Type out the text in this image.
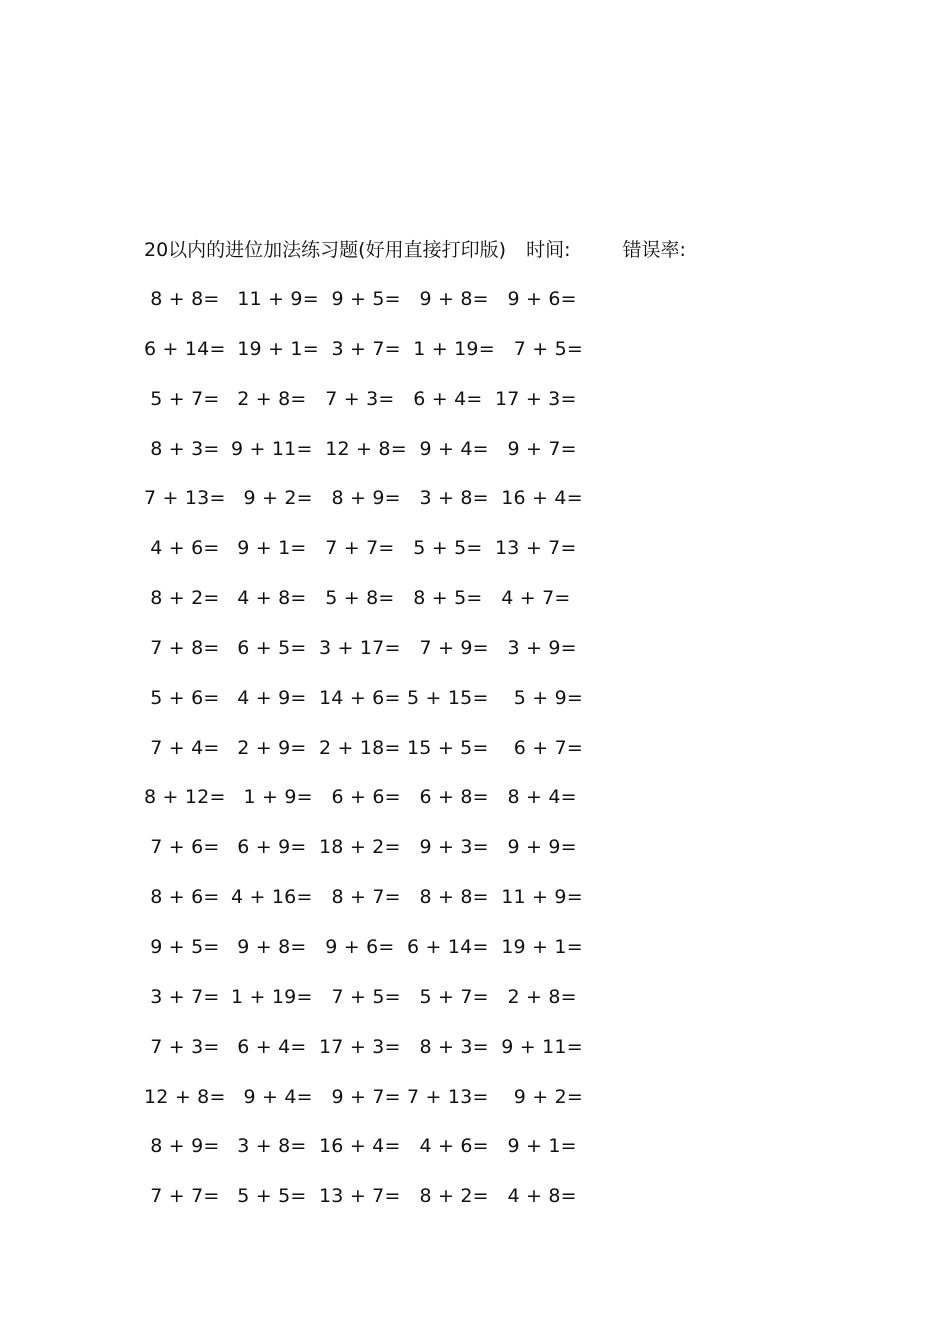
20以内的进位加法练习题(好用直接打印版) 时间:	错误率:
8 + 8= 11 + 9= 9 + 5= 9 + 8= 9 + 6=
6 + 14= 19 + 1= 3 + 7= 1 + 19= 7 + 5=
5 + 7= 2 + 8= 7 + 3= 6 + 4= 17 + 3=
8 + 3= 9 + 11= 12 + 8= 9 + 4= 9 + 7=
7 + 13= 9 + 2= 8 + 9= 3 + 8= 16 + 4=
4 + 6= 9 + 1= 7 + 7= 5 + 5= 13 + 7=
8 + 2= 4 + 8= 5 + 8= 8 + 5= 4 + 7=
7 + 8= 6 + 5= 3 + 17= 7 + 9= 3 + 9=
5 + 6= 4 + 9= 14 + 6= 5 + 15= 5 + 9=
7 + 4= 2 + 9= 2 + 18= 15 + 5= 6 + 7=
8 + 12= 1 + 9= 6 + 6= 6 + 8= 8 + 4=
7 + 6= 6 + 9= 18 + 2= 9 + 3= 9 + 9=
8 + 6= 4 + 16= 8 + 7= 8 + 8= 11 + 9=
9 + 5= 9 + 8= 9 + 6= 6 + 14= 19 + 1=
3 + 7= 1 + 19= 7 + 5= 5 + 7= 2 + 8=
7 + 3= 6 + 4= 17 + 3= 8 + 3= 9 + 11=
12 + 8= 9 + 4= 9 + 7= 7 + 13= 9 + 2=
8 + 9= 3 + 8= 16 + 4= 4 + 6= 9 + 1=
7 + 7= 5 + 5= 13 + 7= 8 + 2= 4 + 8=
